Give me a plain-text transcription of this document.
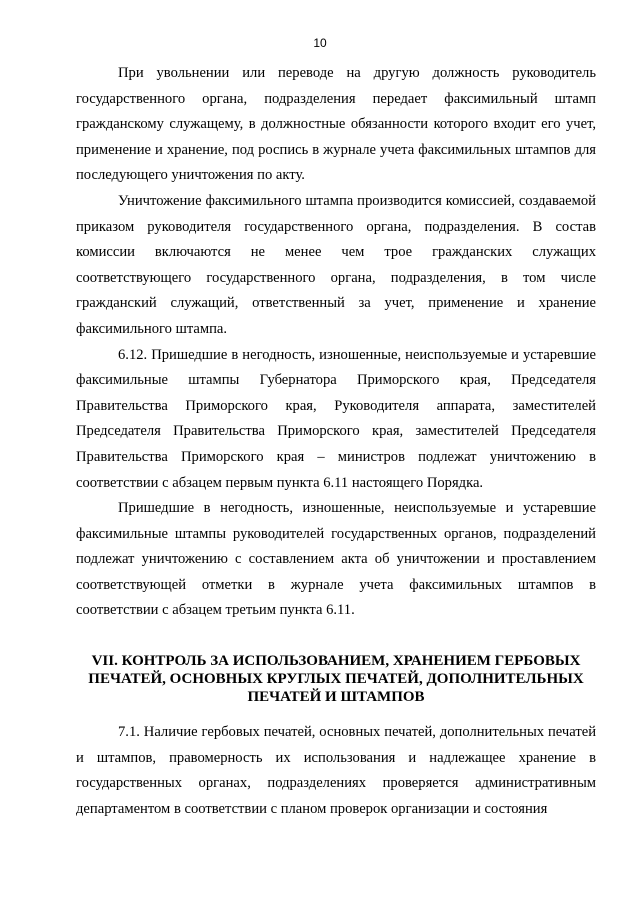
10

При увольнении или переводе на другую должность руководитель государственного органа, подразделения передает факсимильный штамп гражданскому служащему, в должностные обязанности которого входит его учет, применение и хранение, под роспись в журнале учета факсимильных штампов для последующего уничтожения по акту.

Уничтожение факсимильного штампа производится комиссией, создаваемой приказом руководителя государственного органа, подразделения. В состав комиссии включаются не менее чем трое гражданских служащих соответствующего государственного органа, подразделения, в том числе гражданский служащий, ответственный за учет, применение и хранение факсимильного штампа.

6.12. Пришедшие в негодность, изношенные, неиспользуемые и устаревшие факсимильные штампы Губернатора Приморского края, Председателя Правительства Приморского края, Руководителя аппарата, заместителей Председателя Правительства Приморского края, заместителей Председателя Правительства Приморского края – министров подлежат уничтожению в соответствии с абзацем первым пункта 6.11 настоящего Порядка.

Пришедшие в негодность, изношенные, неиспользуемые и устаревшие факсимильные штампы руководителей государственных органов, подразделений подлежат уничтожению с составлением акта об уничтожении и проставлением соответствующей отметки в журнале учета факсимильных штампов в соответствии с абзацем третьим пункта 6.11.

VII. КОНТРОЛЬ ЗА ИСПОЛЬЗОВАНИЕМ, ХРАНЕНИЕМ ГЕРБОВЫХ
ПЕЧАТЕЙ, ОСНОВНЫХ КРУГЛЫХ ПЕЧАТЕЙ, ДОПОЛНИТЕЛЬНЫХ
ПЕЧАТЕЙ И ШТАМПОВ

7.1. Наличие гербовых печатей, основных печатей, дополнительных печатей и штампов, правомерность их использования и надлежащее хранение в государственных органах, подразделениях проверяется административным департаментом в соответствии с планом проверок организации и состояния
